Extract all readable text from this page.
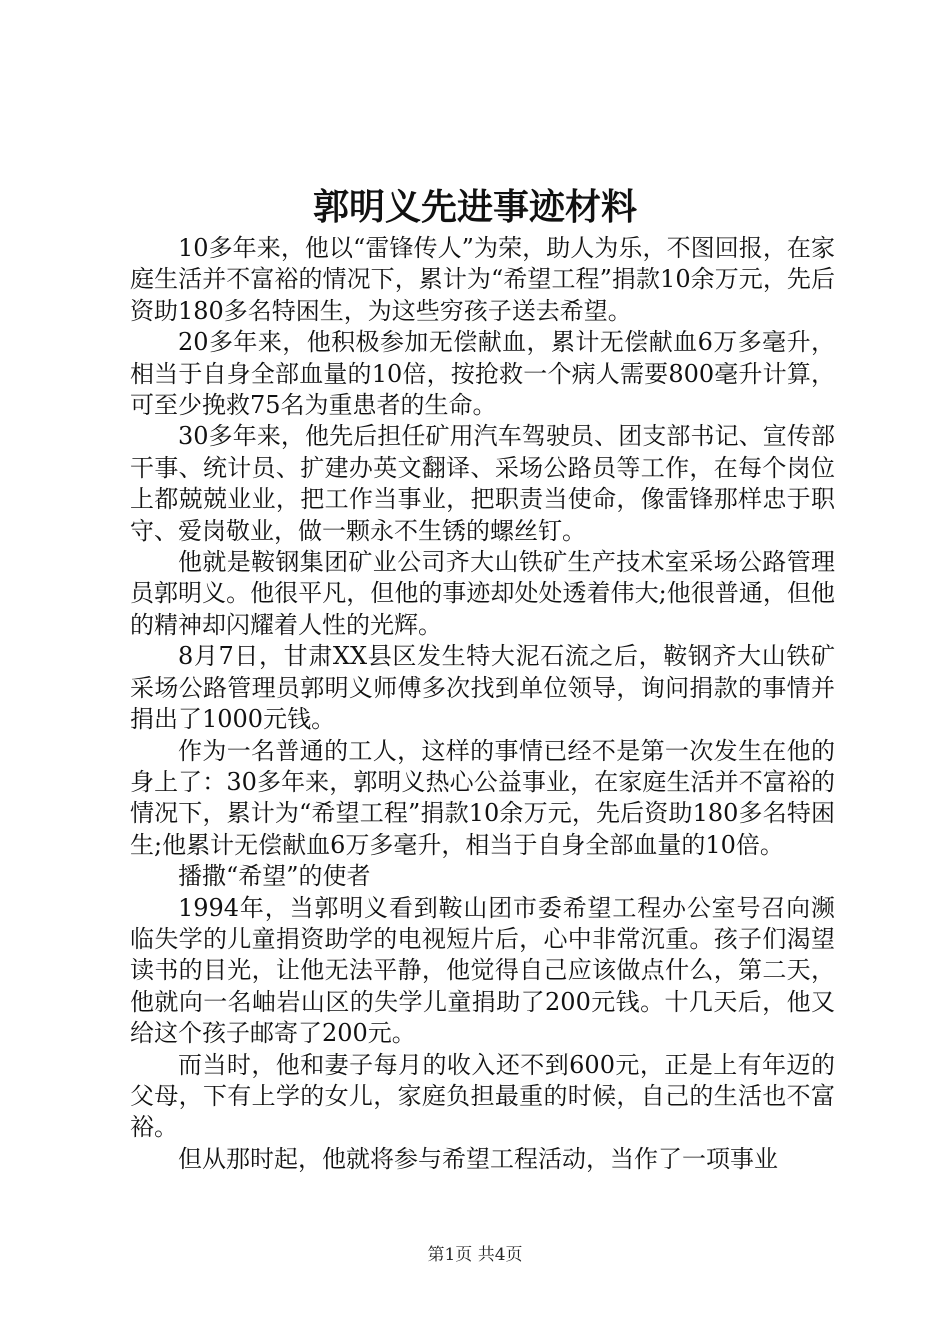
郭明义先进事迹材料

10多年来，他以“雷锋传人”为荣，助人为乐，不图回报，在家庭生活并不富裕的情况下，累计为“希望工程”捐款10余万元，先后资助180多名特困生，为这些穷孩子送去希望。

20多年来，他积极参加无偿献血，累计无偿献血6万多毫升，相当于自身全部血量的10倍，按抢救一个病人需要800毫升计算，可至少挽救75名为重患者的生命。

30多年来，他先后担任矿用汽车驾驶员、团支部书记、宣传部干事、统计员、扩建办英文翻译、采场公路员等工作，在每个岗位上都兢兢业业，把工作当事业，把职责当使命，像雷锋那样忠于职守、爱岗敬业，做一颗永不生锈的螺丝钉。

他就是鞍钢集团矿业公司齐大山铁矿生产技术室采场公路管理员郭明义。他很平凡，但他的事迹却处处透着伟大;他很普通，但他的精神却闪耀着人性的光辉。

8月7日，甘肃XX县区发生特大泥石流之后，鞍钢齐大山铁矿采场公路管理员郭明义师傅多次找到单位领导，询问捐款的事情并捐出了1000元钱。

作为一名普通的工人，这样的事情已经不是第一次发生在他的身上了：30多年来，郭明义热心公益事业，在家庭生活并不富裕的情况下，累计为“希望工程”捐款10余万元，先后资助180多名特困生;他累计无偿献血6万多毫升，相当于自身全部血量的10倍。

播撒“希望”的使者

1994年，当郭明义看到鞍山团市委希望工程办公室号召向濒临失学的儿童捐资助学的电视短片后，心中非常沉重。孩子们渴望读书的目光，让他无法平静，他觉得自己应该做点什么，第二天，他就向一名岫岩山区的失学儿童捐助了200元钱。十几天后，他又给这个孩子邮寄了200元。

而当时，他和妻子每月的收入还不到600元，正是上有年迈的父母，下有上学的女儿，家庭负担最重的时候，自己的生活也不富裕。

但从那时起，他就将参与希望工程活动，当作了一项事业

第1页 共4页
